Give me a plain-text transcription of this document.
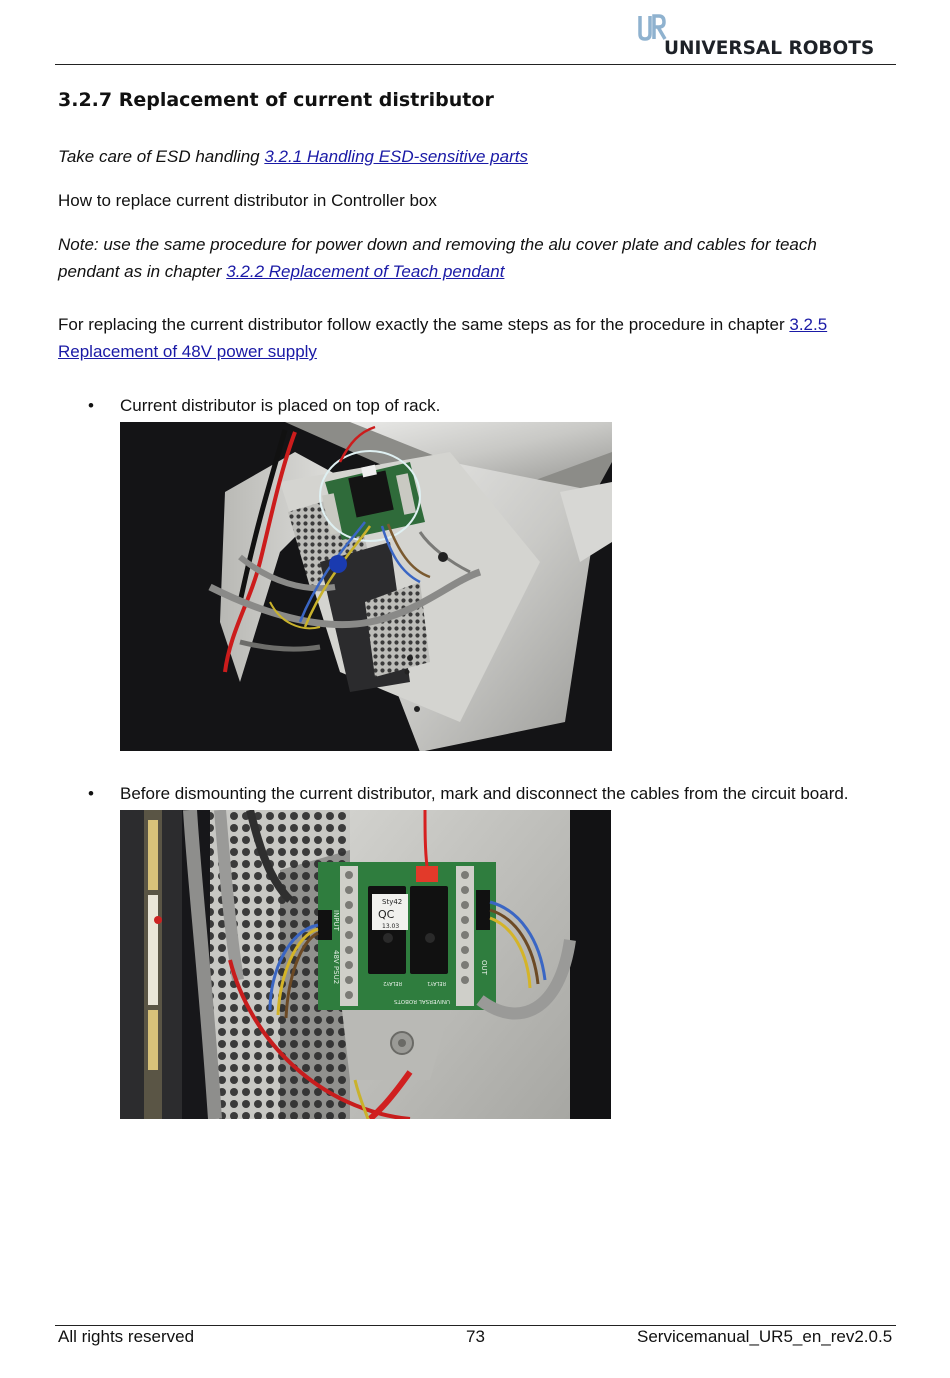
UNIVERSAL ROBOTS
3.2.7 Replacement of current distributor

Take care of ESD handling 3.2.1 Handling ESD-sensitive parts

How to replace current distributor in Controller box

Note: use the same procedure for power down and removing the alu cover plate and cables for teach pendant as in chapter 3.2.2 Replacement of Teach pendant

For replacing the current distributor follow exactly the same steps as for the procedure in chapter 3.2.5 Replacement of 48V power supply

• Current distributor is placed on top of rack.
• Before dismounting the current distributor, mark and disconnect the cables from the circuit board.
Sty42
QC
13.03
INPUT
48V PSU2	RELAY2	RELAY1
UNIVERSAL ROBOTS
OUT
All rights reserved	73	Servicemanual_UR5_en_rev2.0.5
